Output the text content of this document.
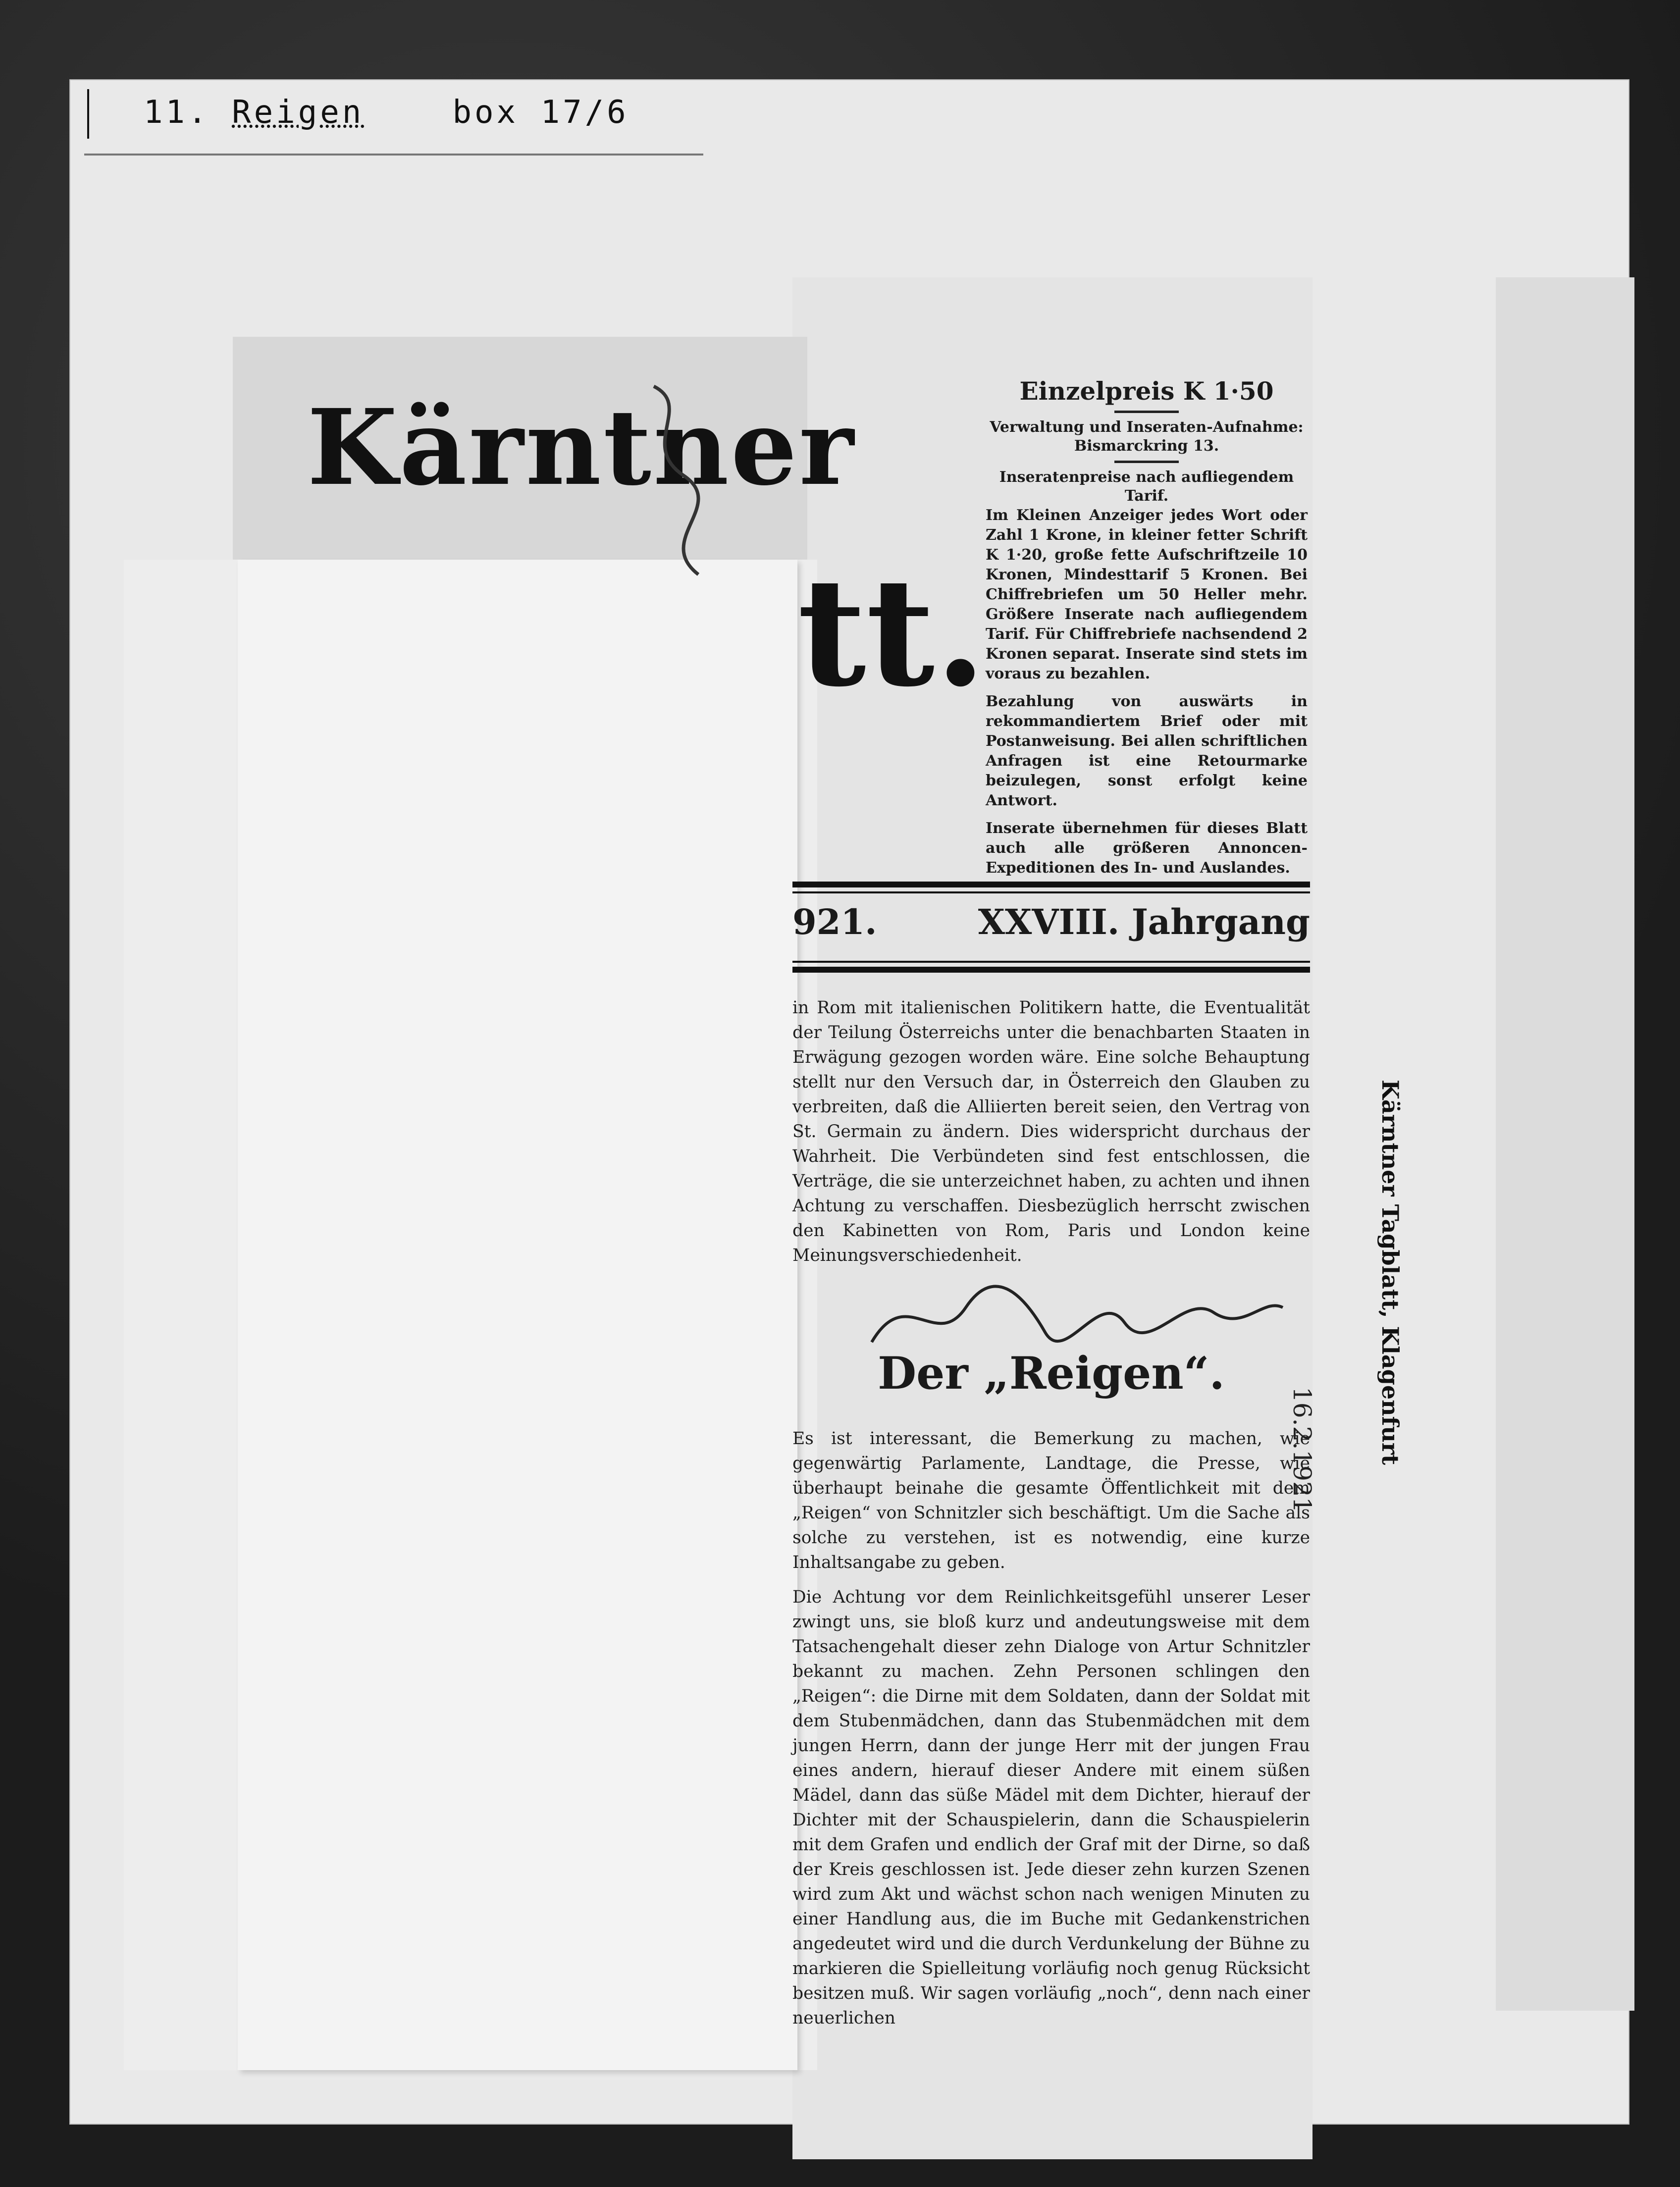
11. Reigen	box 17/6
Kärntner
tt.
Einzelpreis K 1·50
Verwaltung und Inseraten-Aufnahme: Bismarckring 13.
Inseratenpreise nach aufliegendem Tarif.
Im Kleinen Anzeiger jedes Wort oder Zahl 1 Krone, in kleiner fetter Schrift K 1·20, große fette Aufschriftzeile 10 Kronen, Mindesttarif 5 Kronen. Bei Chiffrebriefen um 50 Heller mehr. Größere Inserate nach aufliegendem Tarif. Für Chiffrebriefe nachsendend 2 Kronen separat. Inserate sind stets im voraus zu bezahlen.
Bezahlung von auswärts in rekommandiertem Brief oder mit Postanweisung. Bei allen schriftlichen Anfragen ist eine Retourmarke beizulegen, sonst erfolgt keine Antwort.
Inserate übernehmen für dieses Blatt auch alle größeren Annoncen-Expeditionen des In- und Auslandes.
921.	XXVIII. Jahrgang

in Rom mit italienischen Politikern hatte, die Eventualität der Teilung Österreichs unter die benachbarten Staaten in Erwägung gezogen worden wäre. Eine solche Behauptung stellt nur den Versuch dar, in Österreich den Glauben zu verbreiten, daß die Alliierten bereit seien, den Vertrag von St. Germain zu ändern. Dies widerspricht durchaus der Wahrheit. Die Verbündeten sind fest entschlossen, die Verträge, die sie unterzeichnet haben, zu achten und ihnen Achtung zu verschaffen. Diesbezüglich herrscht zwischen den Kabinetten von Rom, Paris und London keine Meinungsverschiedenheit.

Der „Reigen“.

Es ist interessant, die Bemerkung zu machen, wie gegenwärtig Parlamente, Landtage, die Presse, wie überhaupt beinahe die gesamte Öffentlichkeit mit dem „Reigen“ von Schnitzler sich beschäftigt. Um die Sache als solche zu verstehen, ist es notwendig, eine kurze Inhaltsangabe zu geben.

Die Achtung vor dem Reinlichkeitsgefühl unserer Leser zwingt uns, sie bloß kurz und andeutungsweise mit dem Tatsachengehalt dieser zehn Dialoge von Artur Schnitzler bekannt zu machen. Zehn Personen schlingen den „Reigen“: die Dirne mit dem Soldaten, dann der Soldat mit dem Stubenmädchen, dann das Stubenmädchen mit dem jungen Herrn, dann der junge Herr mit der jungen Frau eines andern, hierauf dieser Andere mit einem süßen Mädel, dann das süße Mädel mit dem Dichter, hierauf der Dichter mit der Schauspielerin, dann die Schauspielerin mit dem Grafen und endlich der Graf mit der Dirne, so daß der Kreis geschlossen ist. Jede dieser zehn kurzen Szenen wird zum Akt und wächst schon nach wenigen Minuten zu einer Handlung aus, die im Buche mit Gedankenstrichen angedeutet wird und die durch Verdunkelung der Bühne zu markieren die Spielleitung vorläufig noch genug Rücksicht besitzen muß. Wir sagen vorläufig „noch“, denn nach einer neuerlichen

Kärntner Tagblatt, Klagenfurt
16.2.1921
